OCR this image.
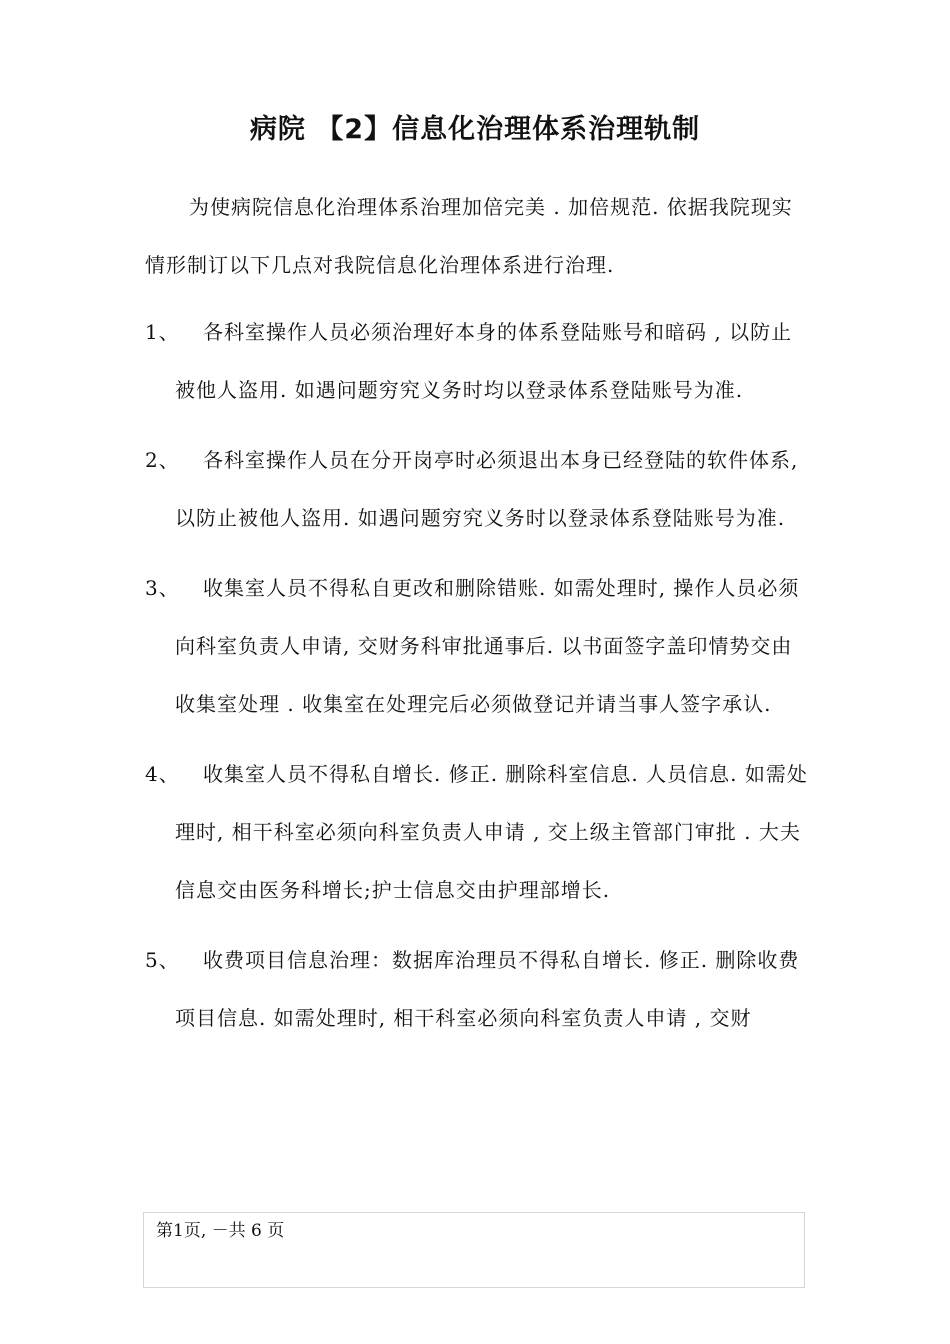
病院 【2】信息化治理体系治理轨制

为使病院信息化治理体系治理加倍完美 . 加倍规范. 依据我院现实情形制订以下几点对我院信息化治理体系进行治理.

1、	各科室操作人员必须治理好本身的体系登陆账号和暗码 , 以防止被他人盗用. 如遇问题穷究义务时均以登录体系登陆账号为准.
2、	各科室操作人员在分开岗亭时必须退出本身已经登陆的软件体系, 以防止被他人盗用. 如遇问题穷究义务时以登录体系登陆账号为准.
3、	收集室人员不得私自更改和删除错账. 如需处理时, 操作人员必须向科室负责人申请, 交财务科审批通事后. 以书面签字盖印情势交由收集室处理 . 收集室在处理完后必须做登记并请当事人签字承认.
4、	收集室人员不得私自增长. 修正. 删除科室信息. 人员信息. 如需处理时, 相干科室必须向科室负责人申请 , 交上级主管部门审批 . 大夫信息交由医务科增长;护士信息交由护理部增长.
5、	收费项目信息治理：数据库治理员不得私自增长. 修正. 删除收费项目信息. 如需处理时, 相干科室必须向科室负责人申请 , 交财
第1页, －共 6 页
